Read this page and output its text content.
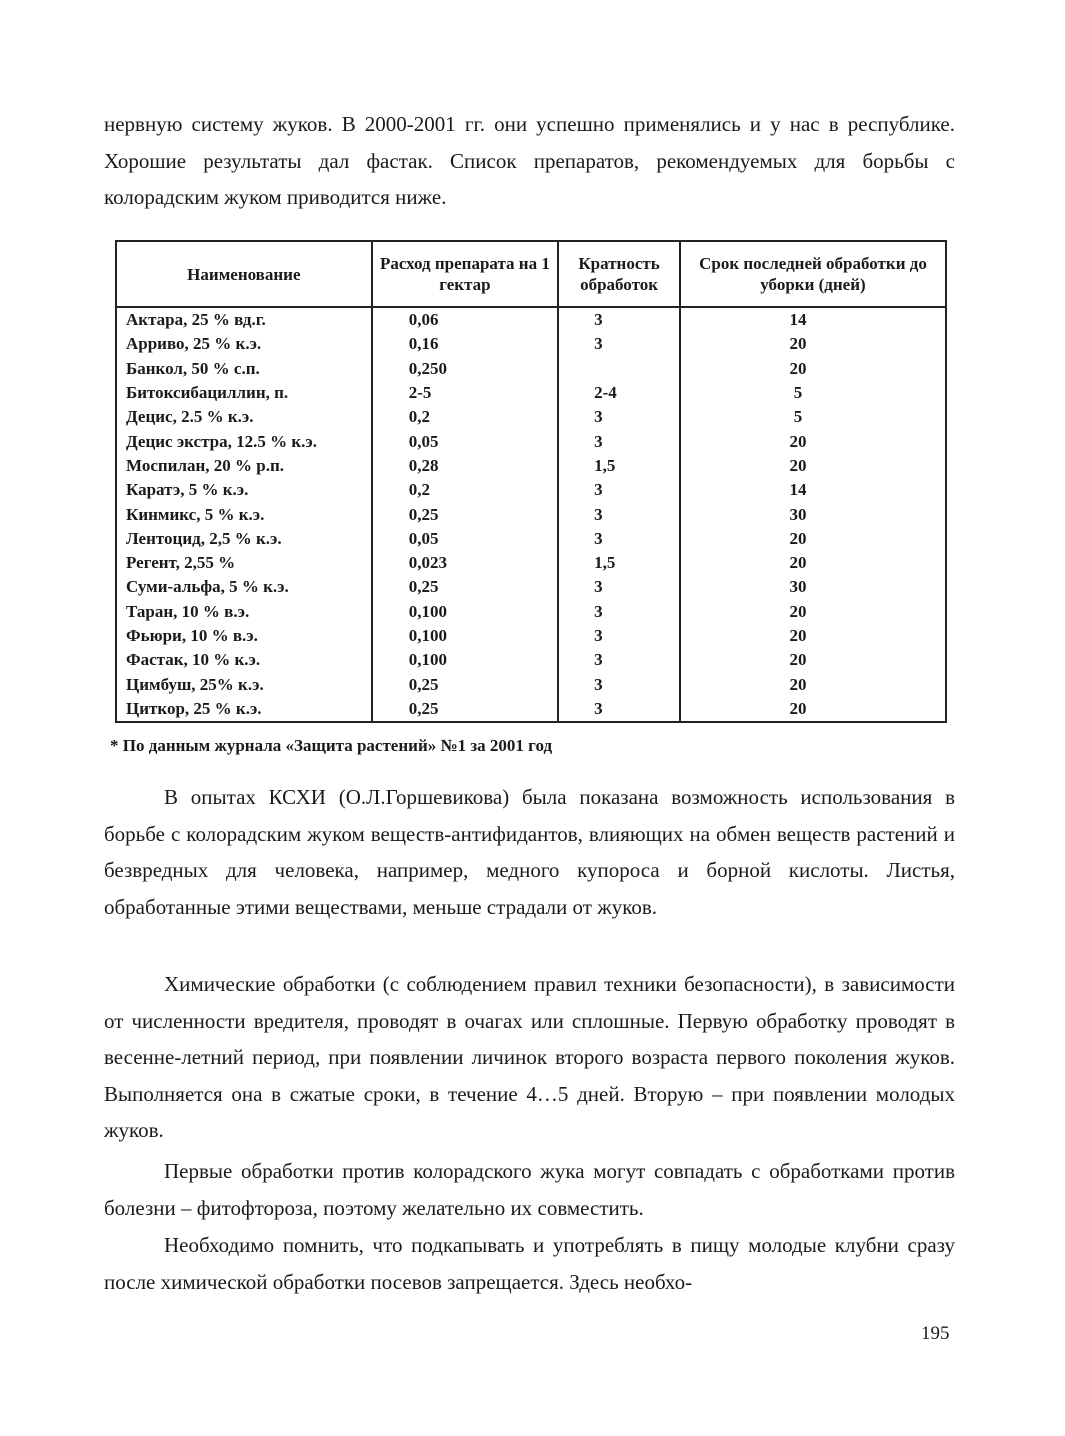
нервную систему жуков. В 2000-2001 гг. они успешно применялись и у нас в республике. Хорошие результаты дал фастак. Список препаратов, рекомендуемых для борьбы с колорадским жуком приводится ниже.

Наименование	Расход препарата на 1 гектар	Кратность обработок	Срок последней обработки до уборки (дней)
Актара, 25 % вд.г.	0,06	3	14
Арриво, 25 % к.э.	0,16	3	20
Банкол, 50 % с.п.	0,250		20
Битоксибациллин, п.	2-5	2-4	5
Децис, 2.5 % к.э.	0,2	3	5
Децис экстра, 12.5 % к.э.	0,05	3	20
Моспилан, 20 % р.п.	0,28	1,5	20
Каратэ, 5 % к.э.	0,2	3	14
Кинмикс, 5 % к.э.	0,25	3	30
Лентоцид, 2,5 % к.э.	0,05	3	20
Регент, 2,55 %	0,023	1,5	20
Суми-альфа, 5 % к.э.	0,25	3	30
Таран, 10 % в.э.	0,100	3	20
Фьюри, 10 % в.э.	0,100	3	20
Фастак, 10 % к.э.	0,100	3	20
Цимбуш, 25% к.э.	0,25	3	20
Циткор, 25 % к.э.	0,25	3	20

* По данным журнала «Защита растений» №1 за 2001 год

В опытах КСХИ (О.Л.Горшевикова) была показана возможность использования в борьбе с колорадским жуком веществ-антифидантов, влияющих на обмен веществ растений и безвредных для человека, например, медного купороса и борной кислоты. Листья, обработанные этими веществами, меньше страдали от жуков.

Химические обработки (с соблюдением правил техники безопасности), в зависимости от численности вредителя, проводят в очагах или сплошные. Первую обработку проводят в весенне-летний период, при появлении личинок второго возраста первого поколения жуков. Выполняется она в сжатые сроки, в течение 4…5 дней. Вторую – при появлении молодых жуков.

Первые обработки против колорадского жука могут совпадать с обработками против болезни – фитофтороза, поэтому желательно их совместить.

Необходимо помнить, что подкапывать и употреблять в пищу молодые клубни сразу после химической обработки посевов запрещается. Здесь необхо-

195
